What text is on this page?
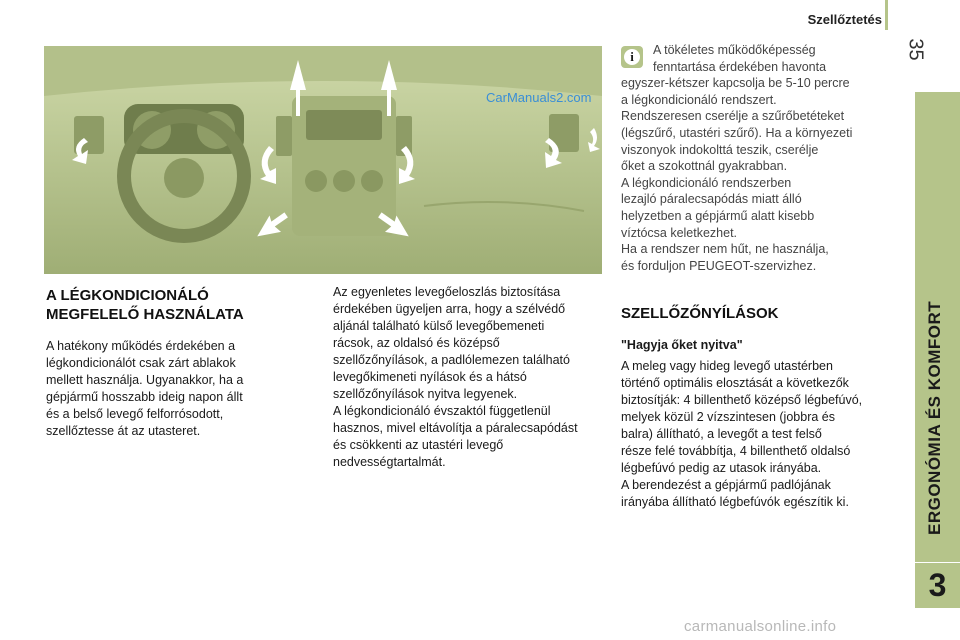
Szellőztetés
35
ERGONÓMIA ÉS KOMFORT
3
CarManuals2.com
i	A tökéletes működőképesség
fenntartása érdekében havonta
egyszer-kétszer kapcsolja be 5-10 percre
a légkondicionáló rendszert.
Rendszeresen cserélje a szűrőbetéteket
(légszűrő, utastéri szűrő). Ha a környezeti
viszonyok indokolttá teszik, cserélje
őket a szokottnál gyakrabban.
A légkondicionáló rendszerben
lezajló páralecsapódás miatt álló
helyzetben a gépjármű alatt kisebb
víztócsa keletkezhet.
Ha a rendszer nem hűt, ne használja,
és forduljon PEUGEOT-szervizhez.
A LÉGKONDICIONÁLÓ
MEGFELELŐ HASZNÁLATA
A hatékony működés érdekében a
légkondicionálót csak zárt ablakok
mellett használja. Ugyanakkor, ha a
gépjármű hosszabb ideig napon állt
és a belső levegő felforrósodott,
szellőztesse át az utasteret.
Az egyenletes levegőeloszlás biztosítása
érdekében ügyeljen arra, hogy a szélvédő
aljánál található külső levegőbemeneti
rácsok, az oldalsó és középső
szellőzőnyílások, a padlólemezen található
levegőkimeneti nyílások és a hátsó
szellőzőnyílások nyitva legyenek.
A légkondicionáló évszaktól függetlenül
hasznos, mivel eltávolítja a páralecsapódást
és csökkenti az utastéri levegő
nedvességtartalmát.
SZELLŐZŐNYÍLÁSOK
"Hagyja őket nyitva"
A meleg vagy hideg levegő utastérben
történő optimális elosztását a következők
biztosítják: 4 billenthető középső légbefúvó,
melyek közül 2 vízszintesen (jobbra és
balra) állítható, a levegőt a test felső
része felé továbbítja, 4 billenthető oldalsó
légbefúvó pedig az utasok irányába.
A berendezést a gépjármű padlójának
irányába állítható légbefúvók egészítik ki.
carmanualsonline.info
